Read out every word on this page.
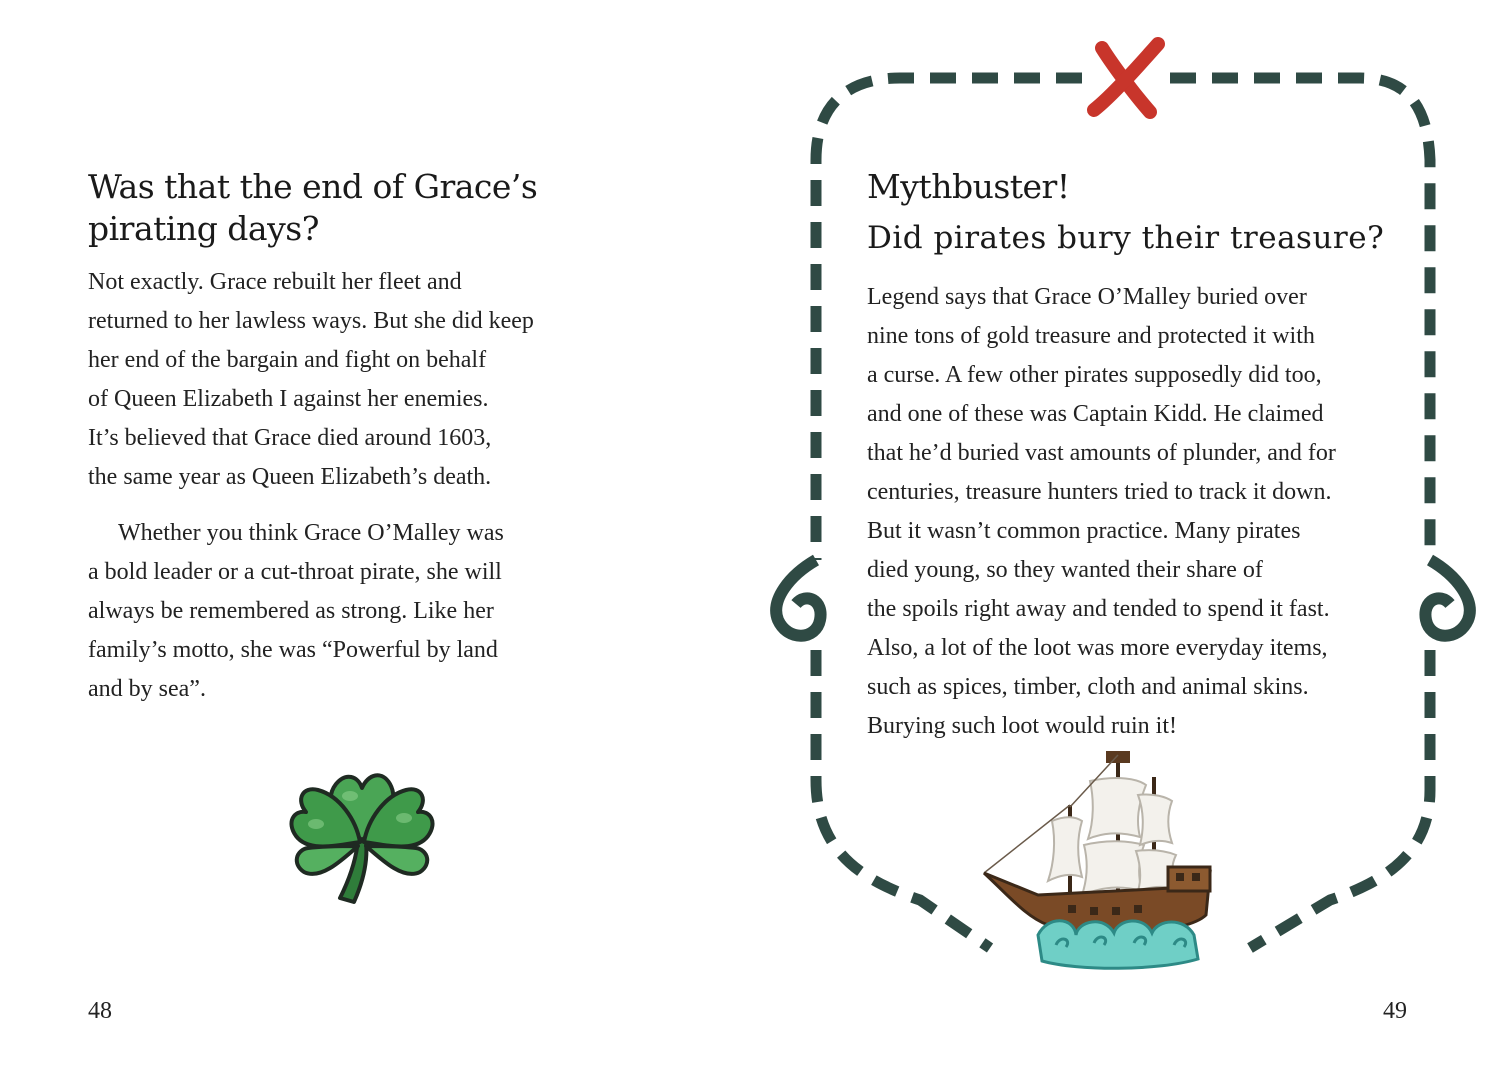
Was that the end of Grace’s
pirating days?

Not exactly. Grace rebuilt her fleet and
returned to her lawless ways. But she did keep
her end of the bargain and fight on behalf
of Queen Elizabeth I against her enemies.
It’s believed that Grace died around 1603,
the same year as Queen Elizabeth’s death.

Whether you think Grace O’Malley was
a bold leader or a cut-throat pirate, she will
always be remembered as strong. Like her
family’s motto, she was “Powerful by land
and by sea”.

48
Mythbuster!
Did pirates bury their treasure?

Legend says that Grace O’Malley buried over
nine tons of gold treasure and protected it with
a curse. A few other pirates supposedly did too,
and one of these was Captain Kidd. He claimed
that he’d buried vast amounts of plunder, and for
centuries, treasure hunters tried to track it down.
But it wasn’t common practice. Many pirates
died young, so they wanted their share of
the spoils right away and tended to spend it fast.
Also, a lot of the loot was more everyday items,
such as spices, timber, cloth and animal skins.
Burying such loot would ruin it!

49
